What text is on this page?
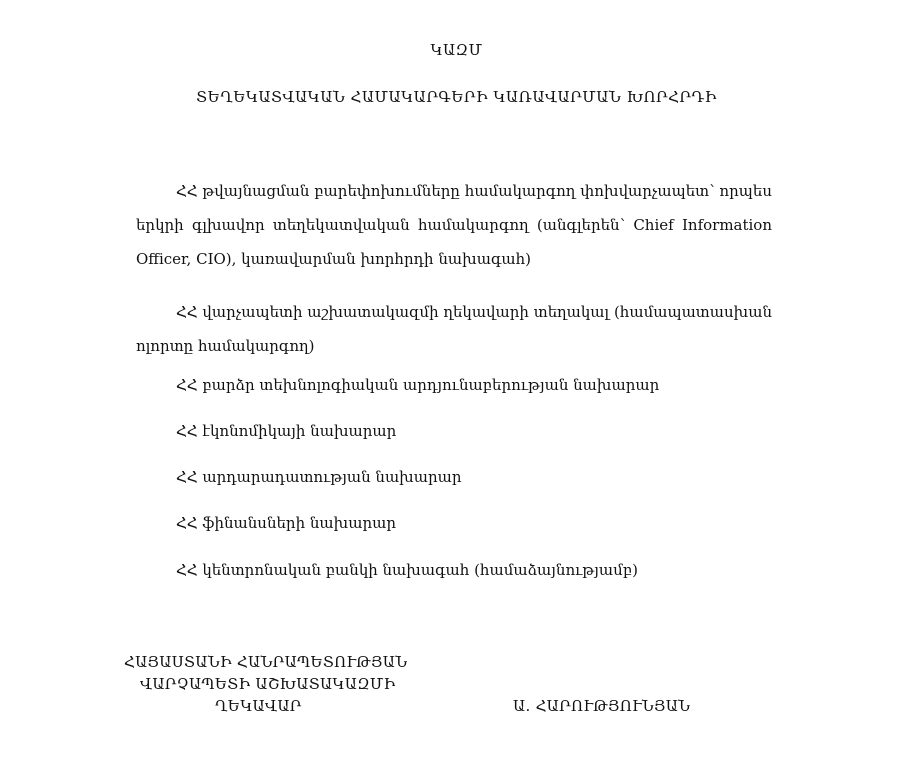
ԿԱԶՄ
ՏԵՂԵԿԱՏՎԱԿԱՆ ՀԱՄԱԿԱՐԳԵՐԻ ԿԱՌԱՎԱՐՄԱՆ ԽՈՐՀՐԴԻ
ՀՀ թվայնացման բարեփոխումները համակարգող փոխվարչապետ՝ որպես երկրի գլխավոր տեղեկատվական համակարգող (անգլերեն՝ Chief Information Officer, CIO), կառավարման խորհրդի նախագահ)
ՀՀ վարչապետի աշխատակազմի ղեկավարի տեղակալ (համապատասխան ոլորտը համակարգող)
ՀՀ բարձր տեխնոլոգիական արդյունաբերության նախարար
ՀՀ էկոնոմիկայի նախարար
ՀՀ արդարադատության նախարար
ՀՀ ֆինանսների նախարար
ՀՀ կենտրոնական բանկի նախագահ (համաձայնությամբ)
ՀԱՅԱՍՏԱՆԻ ՀԱՆՐԱՊԵՏՈՒԹՅԱՆ
ՎԱՐՉԱՊԵՏԻ ԱՇԽԱՏԱԿԱԶՄԻ
ՂԵԿԱՎԱՐ	Ա. ՀԱՐՈՒԹՅՈՒՆՅԱՆ
